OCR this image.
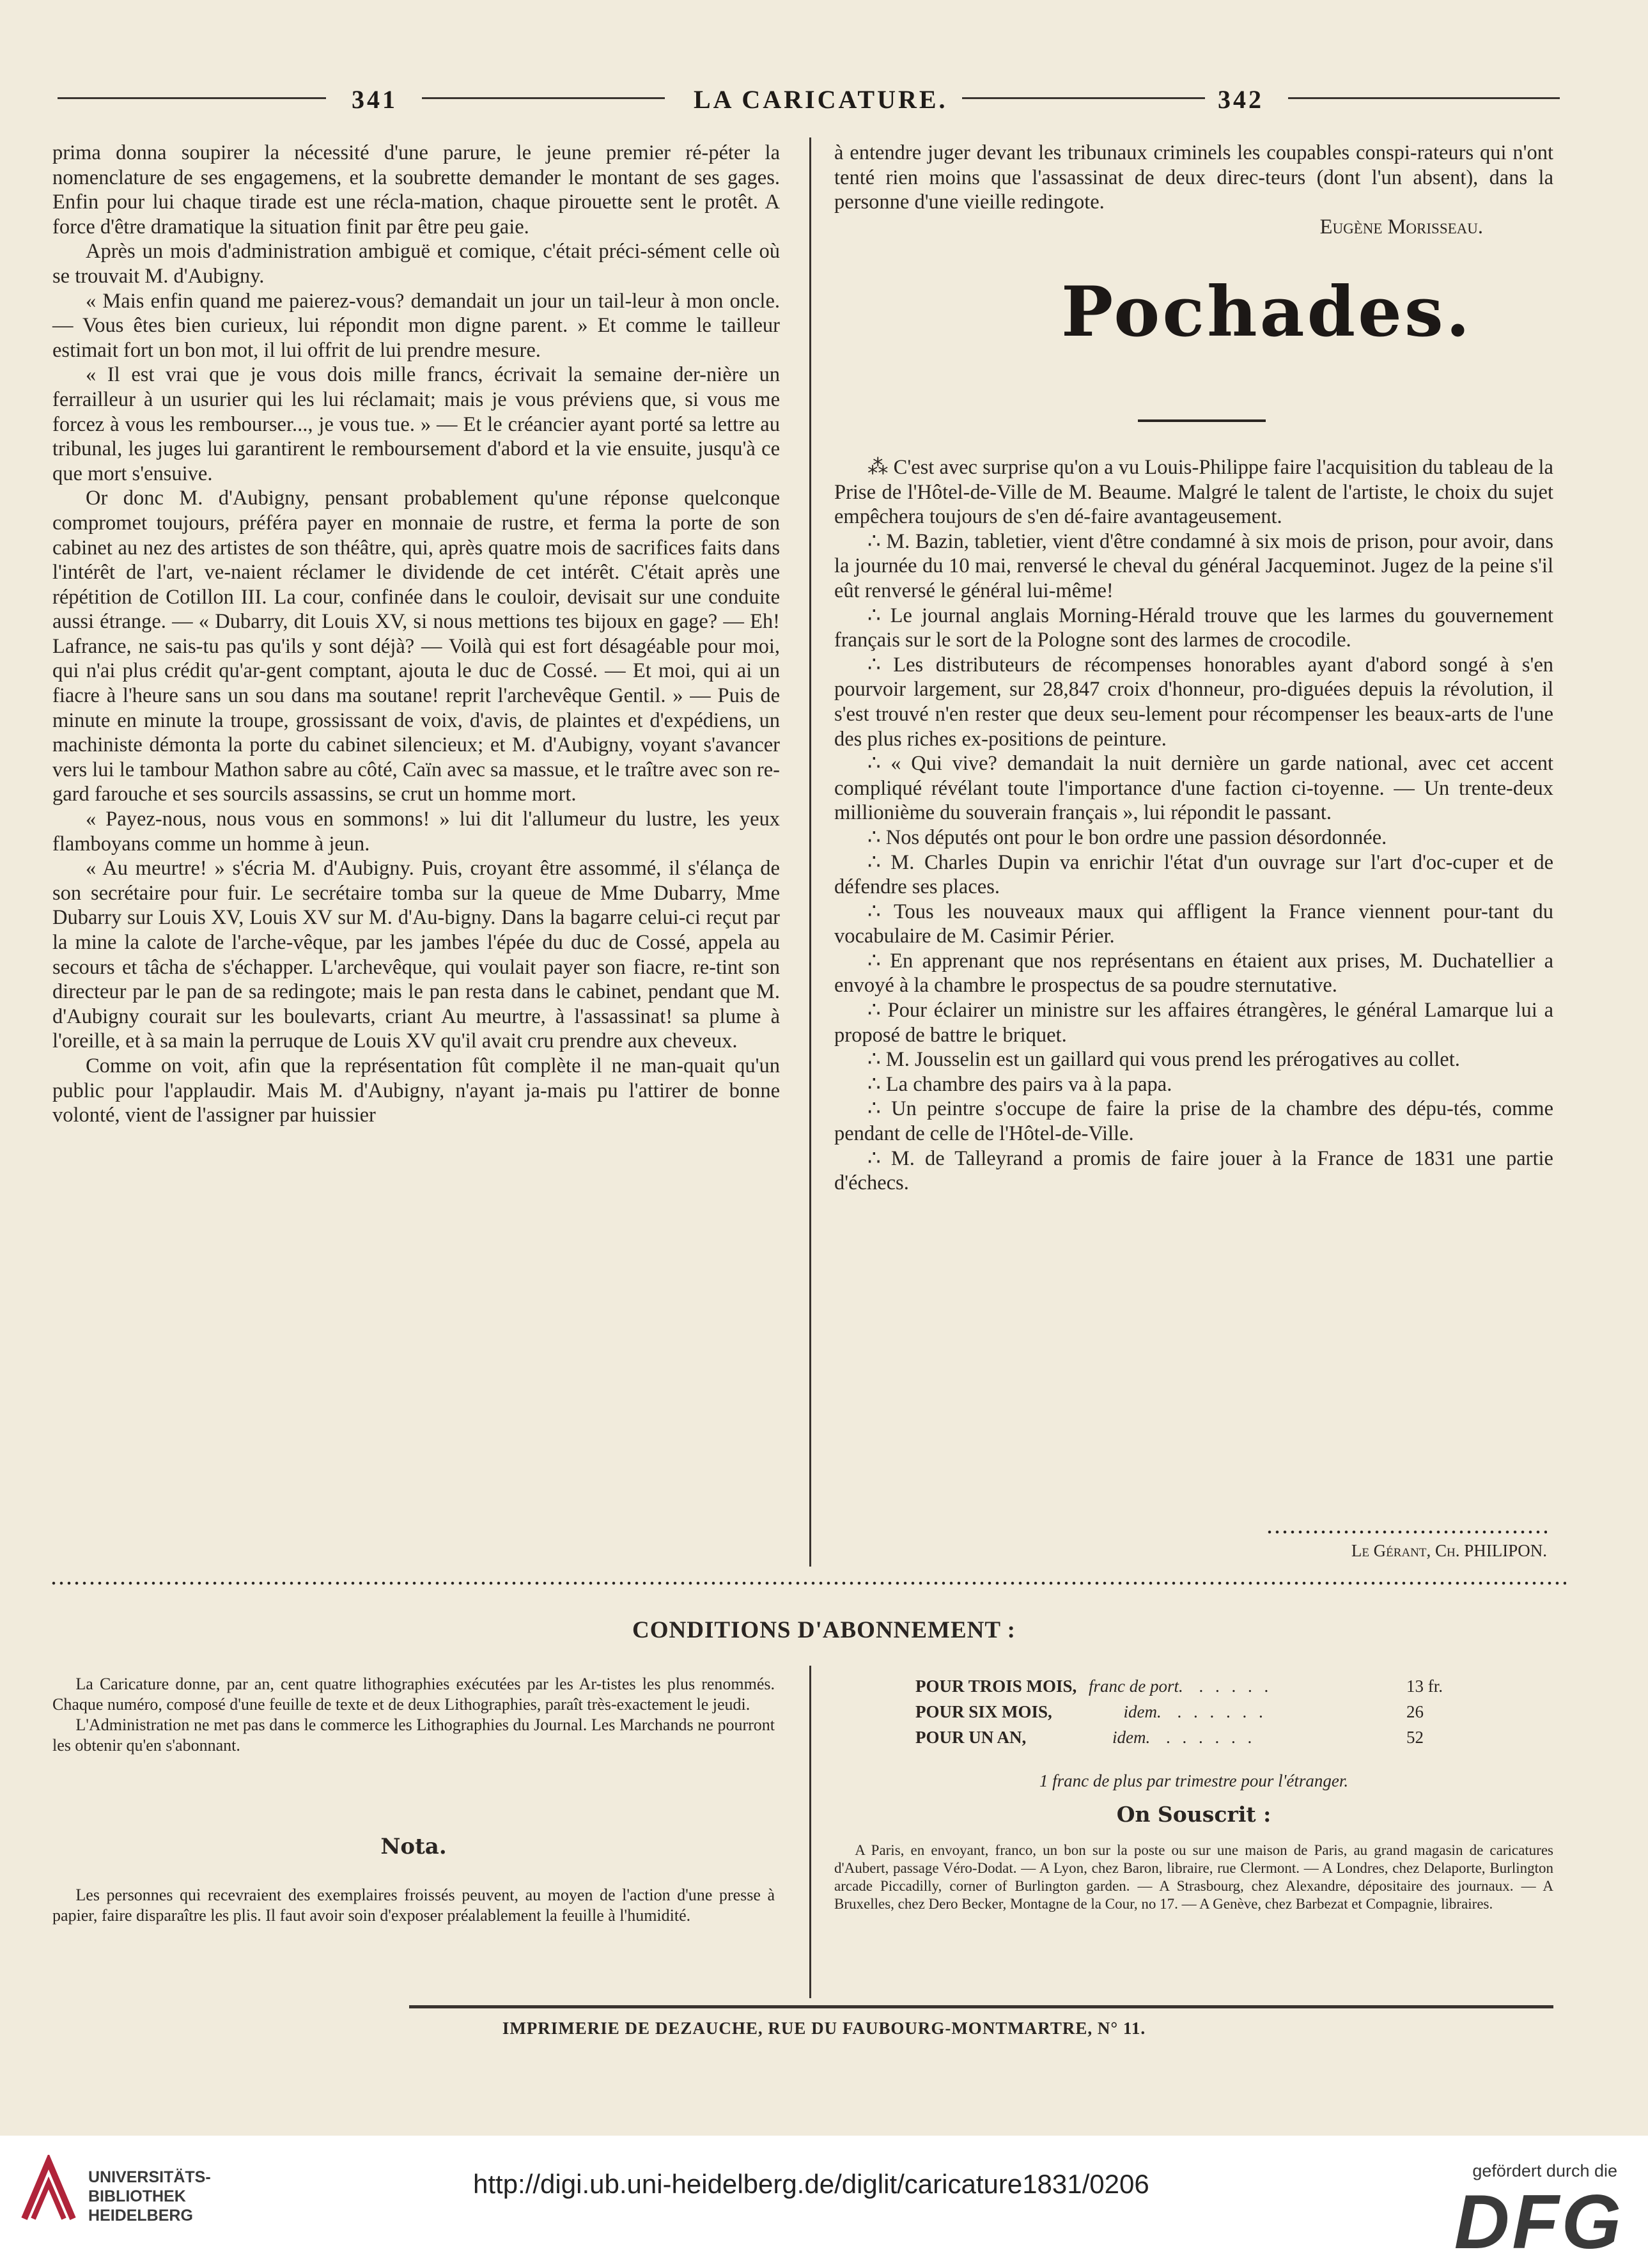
341	LA CARICATURE.	342

prima donna soupirer la nécessité d'une parure, le jeune premier ré-péter la nomenclature de ses engagemens, et la soubrette demander le montant de ses gages. Enfin pour lui chaque tirade est une récla-mation, chaque pirouette sent le protêt. A force d'être dramatique la situation finit par être peu gaie.

Après un mois d'administration ambiguë et comique, c'était préci-sément celle où se trouvait M. d'Aubigny.

« Mais enfin quand me paierez-vous? demandait un jour un tail-leur à mon oncle. — Vous êtes bien curieux, lui répondit mon digne parent. » Et comme le tailleur estimait fort un bon mot, il lui offrit de lui prendre mesure.

« Il est vrai que je vous dois mille francs, écrivait la semaine der-nière un ferrailleur à un usurier qui les lui réclamait; mais je vous préviens que, si vous me forcez à vous les rembourser..., je vous tue. » — Et le créancier ayant porté sa lettre au tribunal, les juges lui garantirent le remboursement d'abord et la vie ensuite, jusqu'à ce que mort s'ensuive.

Or donc M. d'Aubigny, pensant probablement qu'une réponse quelconque compromet toujours, préféra payer en monnaie de rustre, et ferma la porte de son cabinet au nez des artistes de son théâtre, qui, après quatre mois de sacrifices faits dans l'intérêt de l'art, ve-naient réclamer le dividende de cet intérêt. C'était après une répétition de Cotillon III. La cour, confinée dans le couloir, devisait sur une conduite aussi étrange. — « Dubarry, dit Louis XV, si nous mettions tes bijoux en gage? — Eh! Lafrance, ne sais-tu pas qu'ils y sont déjà? — Voilà qui est fort désagéable pour moi, qui n'ai plus crédit qu'ar-gent comptant, ajouta le duc de Cossé. — Et moi, qui ai un fiacre à l'heure sans un sou dans ma soutane! reprit l'archevêque Gentil. » — Puis de minute en minute la troupe, grossissant de voix, d'avis, de plaintes et d'expédiens, un machiniste démonta la porte du cabinet silencieux; et M. d'Aubigny, voyant s'avancer vers lui le tambour Mathon sabre au côté, Caïn avec sa massue, et le traître avec son re-gard farouche et ses sourcils assassins, se crut un homme mort.

« Payez-nous, nous vous en sommons! » lui dit l'allumeur du lustre, les yeux flamboyans comme un homme à jeun.

« Au meurtre! » s'écria M. d'Aubigny. Puis, croyant être assommé, il s'élança de son secrétaire pour fuir. Le secrétaire tomba sur la queue de Mme Dubarry, Mme Dubarry sur Louis XV, Louis XV sur M. d'Au-bigny. Dans la bagarre celui-ci reçut par la mine la calote de l'arche-vêque, par les jambes l'épée du duc de Cossé, appela au secours et tâcha de s'échapper. L'archevêque, qui voulait payer son fiacre, re-tint son directeur par le pan de sa redingote; mais le pan resta dans le cabinet, pendant que M. d'Aubigny courait sur les boulevarts, criant Au meurtre, à l'assassinat! sa plume à l'oreille, et à sa main la perruque de Louis XV qu'il avait cru prendre aux cheveux.

Comme on voit, afin que la représentation fût complète il ne man-quait qu'un public pour l'applaudir. Mais M. d'Aubigny, n'ayant ja-mais pu l'attirer de bonne volonté, vient de l'assigner par huissier

à entendre juger devant les tribunaux criminels les coupables conspi-rateurs qui n'ont tenté rien moins que l'assassinat de deux direc-teurs (dont l'un absent), dans la personne d'une vieille redingote.

Eugène Morisseau.

Pochades.

⁂ C'est avec surprise qu'on a vu Louis-Philippe faire l'acquisition du tableau de la Prise de l'Hôtel-de-Ville de M. Beaume. Malgré le talent de l'artiste, le choix du sujet empêchera toujours de s'en dé-faire avantageusement.

∴ M. Bazin, tabletier, vient d'être condamné à six mois de prison, pour avoir, dans la journée du 10 mai, renversé le cheval du général Jacqueminot. Jugez de la peine s'il eût renversé le général lui-même!

∴ Le journal anglais Morning-Hérald trouve que les larmes du gouvernement français sur le sort de la Pologne sont des larmes de crocodile.

∴ Les distributeurs de récompenses honorables ayant d'abord songé à s'en pourvoir largement, sur 28,847 croix d'honneur, pro-diguées depuis la révolution, il s'est trouvé n'en rester que deux seu-lement pour récompenser les beaux-arts de l'une des plus riches ex-positions de peinture.

∴ « Qui vive? demandait la nuit dernière un garde national, avec cet accent compliqué révélant toute l'importance d'une faction ci-toyenne. — Un trente-deux millionième du souverain français », lui répondit le passant.

∴ Nos députés ont pour le bon ordre une passion désordonnée.

∴ M. Charles Dupin va enrichir l'état d'un ouvrage sur l'art d'oc-cuper et de défendre ses places.

∴ Tous les nouveaux maux qui affligent la France viennent pour-tant du vocabulaire de M. Casimir Périer.

∴ En apprenant que nos représentans en étaient aux prises, M. Duchatellier a envoyé à la chambre le prospectus de sa poudre sternutative.

∴ Pour éclairer un ministre sur les affaires étrangères, le général Lamarque lui a proposé de battre le briquet.

∴ M. Jousselin est un gaillard qui vous prend les prérogatives au collet.

∴ La chambre des pairs va à la papa.

∴ Un peintre s'occupe de faire la prise de la chambre des dépu-tés, comme pendant de celle de l'Hôtel-de-Ville.

∴ M. de Talleyrand a promis de faire jouer à la France de 1831 une partie d'échecs.

Le Gérant, Ch. PHILIPON.
CONDITIONS D'ABONNEMENT :

La Caricature donne, par an, cent quatre lithographies exécutées par les Ar-tistes les plus renommés. Chaque numéro, composé d'une feuille de texte et de deux Lithographies, paraît très-exactement le jeudi.

L'Administration ne met pas dans le commerce les Lithographies du Journal. Les Marchands ne pourront les obtenir qu'en s'abonnant.

Nota.

Les personnes qui recevraient des exemplaires froissés peuvent, au moyen de l'action d'une presse à papier, faire disparaître les plis. Il faut avoir soin d'exposer préalablement la feuille à l'humidité.

POUR TROIS MOIS, franc de port. . . . . .	13 fr.
POUR SIX MOIS,	idem. . . . . . .	26
POUR UN AN,	idem. . . . . . .	52
1 franc de plus par trimestre pour l'étranger.
On Souscrit :

A Paris, en envoyant, franco, un bon sur la poste ou sur une maison de Paris, au grand magasin de caricatures d'Aubert, passage Véro-Dodat. — A Lyon, chez Baron, libraire, rue Clermont. — A Londres, chez Delaporte, Burlington arcade Piccadilly, corner of Burlington garden. — A Strasbourg, chez Alexandre, dépositaire des journaux. — A Bruxelles, chez Dero Becker, Montagne de la Cour, no 17. — A Genève, chez Barbezat et Compagnie, libraires.

IMPRIMERIE DE DEZAUCHE, RUE DU FAUBOURG-MONTMARTRE, N° 11.
UNIVERSITÄTS-
BIBLIOTHEK
HEIDELBERG
http://digi.ub.uni-heidelberg.de/diglit/caricature1831/0206	gefördert durch die
DFG
